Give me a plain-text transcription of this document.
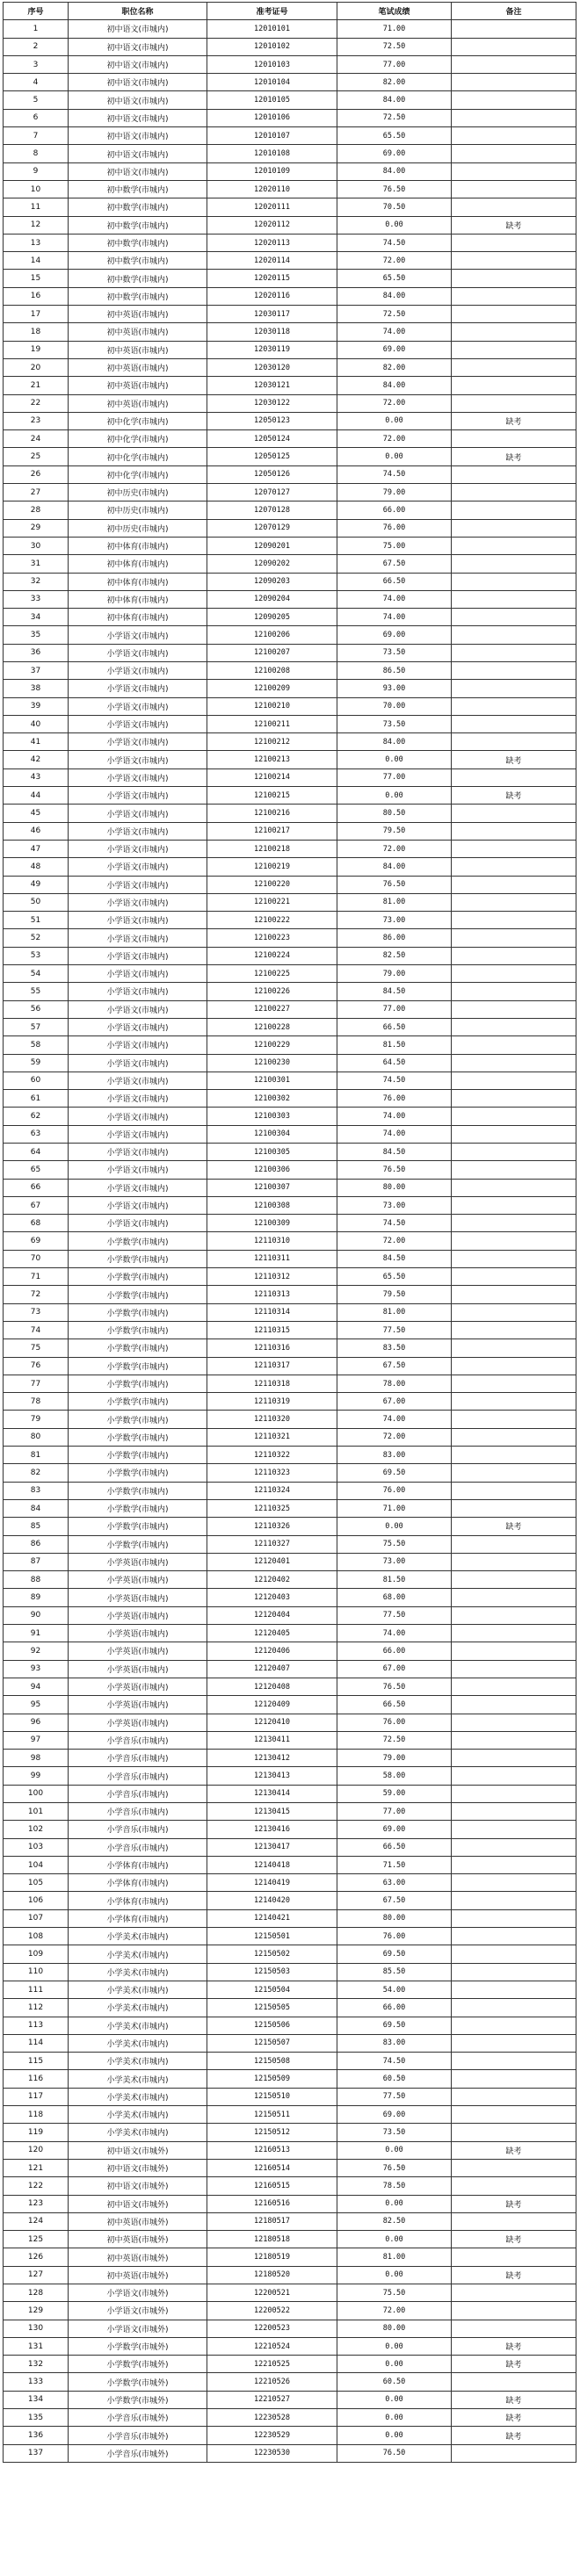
序号	职位名称	准考证号	笔试成绩	备注
1	初中语文(市城内)	12010101	71.00	
2	初中语文(市城内)	12010102	72.50	
3	初中语文(市城内)	12010103	77.00	
4	初中语文(市城内)	12010104	82.00	
5	初中语文(市城内)	12010105	84.00	
6	初中语文(市城内)	12010106	72.50	
7	初中语文(市城内)	12010107	65.50	
8	初中语文(市城内)	12010108	69.00	
9	初中语文(市城内)	12010109	84.00	
10	初中数学(市城内)	12020110	76.50	
11	初中数学(市城内)	12020111	70.50	
12	初中数学(市城内)	12020112	0.00	缺考
13	初中数学(市城内)	12020113	74.50	
14	初中数学(市城内)	12020114	72.00	
15	初中数学(市城内)	12020115	65.50	
16	初中数学(市城内)	12020116	84.00	
17	初中英语(市城内)	12030117	72.50	
18	初中英语(市城内)	12030118	74.00	
19	初中英语(市城内)	12030119	69.00	
20	初中英语(市城内)	12030120	82.00	
21	初中英语(市城内)	12030121	84.00	
22	初中英语(市城内)	12030122	72.00	
23	初中化学(市城内)	12050123	0.00	缺考
24	初中化学(市城内)	12050124	72.00	
25	初中化学(市城内)	12050125	0.00	缺考
26	初中化学(市城内)	12050126	74.50	
27	初中历史(市城内)	12070127	79.00	
28	初中历史(市城内)	12070128	66.00	
29	初中历史(市城内)	12070129	76.00	
30	初中体育(市城内)	12090201	75.00	
31	初中体育(市城内)	12090202	67.50	
32	初中体育(市城内)	12090203	66.50	
33	初中体育(市城内)	12090204	74.00	
34	初中体育(市城内)	12090205	74.00	
35	小学语文(市城内)	12100206	69.00	
36	小学语文(市城内)	12100207	73.50	
37	小学语文(市城内)	12100208	86.50	
38	小学语文(市城内)	12100209	93.00	
39	小学语文(市城内)	12100210	70.00	
40	小学语文(市城内)	12100211	73.50	
41	小学语文(市城内)	12100212	84.00	
42	小学语文(市城内)	12100213	0.00	缺考
43	小学语文(市城内)	12100214	77.00	
44	小学语文(市城内)	12100215	0.00	缺考
45	小学语文(市城内)	12100216	80.50	
46	小学语文(市城内)	12100217	79.50	
47	小学语文(市城内)	12100218	72.00	
48	小学语文(市城内)	12100219	84.00	
49	小学语文(市城内)	12100220	76.50	
50	小学语文(市城内)	12100221	81.00	
51	小学语文(市城内)	12100222	73.00	
52	小学语文(市城内)	12100223	86.00	
53	小学语文(市城内)	12100224	82.50	
54	小学语文(市城内)	12100225	79.00	
55	小学语文(市城内)	12100226	84.50	
56	小学语文(市城内)	12100227	77.00	
57	小学语文(市城内)	12100228	66.50	
58	小学语文(市城内)	12100229	81.50	
59	小学语文(市城内)	12100230	64.50	
60	小学语文(市城内)	12100301	74.50	
61	小学语文(市城内)	12100302	76.00	
62	小学语文(市城内)	12100303	74.00	
63	小学语文(市城内)	12100304	74.00	
64	小学语文(市城内)	12100305	84.50	
65	小学语文(市城内)	12100306	76.50	
66	小学语文(市城内)	12100307	80.00	
67	小学语文(市城内)	12100308	73.00	
68	小学语文(市城内)	12100309	74.50	
69	小学数学(市城内)	12110310	72.00	
70	小学数学(市城内)	12110311	84.50	
71	小学数学(市城内)	12110312	65.50	
72	小学数学(市城内)	12110313	79.50	
73	小学数学(市城内)	12110314	81.00	
74	小学数学(市城内)	12110315	77.50	
75	小学数学(市城内)	12110316	83.50	
76	小学数学(市城内)	12110317	67.50	
77	小学数学(市城内)	12110318	78.00	
78	小学数学(市城内)	12110319	67.00	
79	小学数学(市城内)	12110320	74.00	
80	小学数学(市城内)	12110321	72.00	
81	小学数学(市城内)	12110322	83.00	
82	小学数学(市城内)	12110323	69.50	
83	小学数学(市城内)	12110324	76.00	
84	小学数学(市城内)	12110325	71.00	
85	小学数学(市城内)	12110326	0.00	缺考
86	小学数学(市城内)	12110327	75.50	
87	小学英语(市城内)	12120401	73.00	
88	小学英语(市城内)	12120402	81.50	
89	小学英语(市城内)	12120403	68.00	
90	小学英语(市城内)	12120404	77.50	
91	小学英语(市城内)	12120405	74.00	
92	小学英语(市城内)	12120406	66.00	
93	小学英语(市城内)	12120407	67.00	
94	小学英语(市城内)	12120408	76.50	
95	小学英语(市城内)	12120409	66.50	
96	小学英语(市城内)	12120410	76.00	
97	小学音乐(市城内)	12130411	72.50	
98	小学音乐(市城内)	12130412	79.00	
99	小学音乐(市城内)	12130413	58.00	
100	小学音乐(市城内)	12130414	59.00	
101	小学音乐(市城内)	12130415	77.00	
102	小学音乐(市城内)	12130416	69.00	
103	小学音乐(市城内)	12130417	66.50	
104	小学体育(市城内)	12140418	71.50	
105	小学体育(市城内)	12140419	63.00	
106	小学体育(市城内)	12140420	67.50	
107	小学体育(市城内)	12140421	80.00	
108	小学美术(市城内)	12150501	76.00	
109	小学美术(市城内)	12150502	69.50	
110	小学美术(市城内)	12150503	85.50	
111	小学美术(市城内)	12150504	54.00	
112	小学美术(市城内)	12150505	66.00	
113	小学美术(市城内)	12150506	69.50	
114	小学美术(市城内)	12150507	83.00	
115	小学美术(市城内)	12150508	74.50	
116	小学美术(市城内)	12150509	60.50	
117	小学美术(市城内)	12150510	77.50	
118	小学美术(市城内)	12150511	69.00	
119	小学美术(市城内)	12150512	73.50	
120	初中语文(市城外)	12160513	0.00	缺考
121	初中语文(市城外)	12160514	76.50	
122	初中语文(市城外)	12160515	78.50	
123	初中语文(市城外)	12160516	0.00	缺考
124	初中英语(市城外)	12180517	82.50	
125	初中英语(市城外)	12180518	0.00	缺考
126	初中英语(市城外)	12180519	81.00	
127	初中英语(市城外)	12180520	0.00	缺考
128	小学语文(市城外)	12200521	75.50	
129	小学语文(市城外)	12200522	72.00	
130	小学语文(市城外)	12200523	80.00	
131	小学数学(市城外)	12210524	0.00	缺考
132	小学数学(市城外)	12210525	0.00	缺考
133	小学数学(市城外)	12210526	60.50	
134	小学数学(市城外)	12210527	0.00	缺考
135	小学音乐(市城外)	12230528	0.00	缺考
136	小学音乐(市城外)	12230529	0.00	缺考
137	小学音乐(市城外)	12230530	76.50	
